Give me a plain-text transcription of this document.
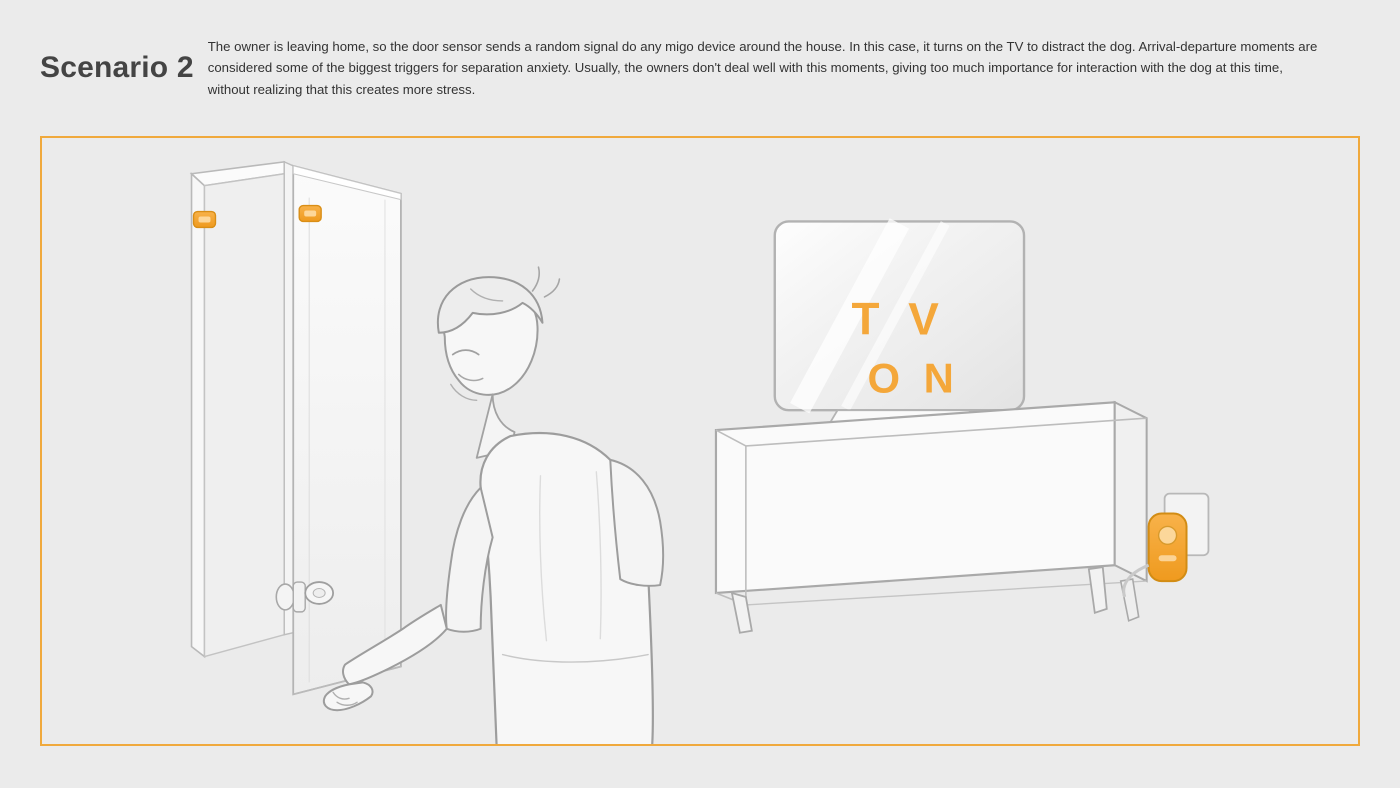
Scenario 2
The owner is leaving home, so the door sensor sends a random signal do any migo device around the house. In this case, it turns on the TV to distract the dog. Arrival-departure moments are considered some of the biggest triggers for separation anxiety. Usually, the owners don't deal well with this moments, giving too much importance for interaction with the dog at this time, without realizing that this creates more stress.
T V
O N
